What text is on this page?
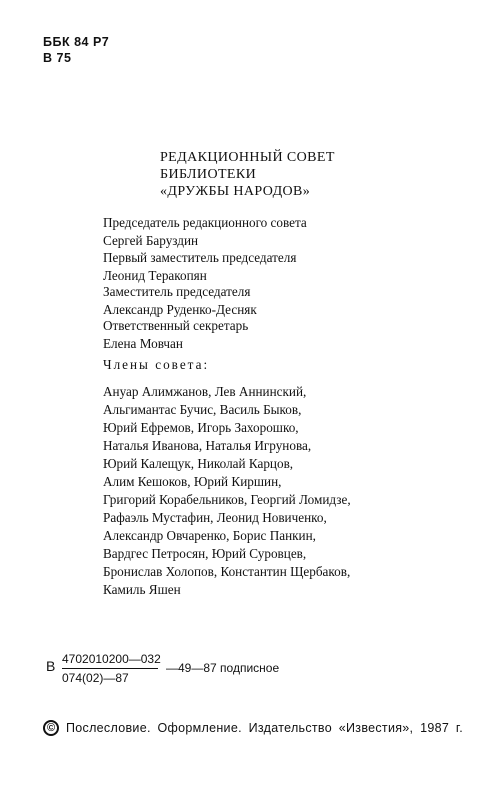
ББК 84 Р7
В 75
РЕДАКЦИОННЫЙ СОВЕТ
БИБЛИОТЕКИ
«ДРУЖБЫ НАРОДОВ»
Председатель редакционного совета
Сергей Баруздин
Первый заместитель председателя
Леонид Теракопян
Заместитель председателя
Александр Руденко-Десняк
Ответственный секретарь
Елена Мовчан
Члены совета:
Ануар Алимжанов, Лев Аннинский,
Альгимантас Бучис, Василь Быков,
Юрий Ефремов, Игорь Захорошко,
Наталья Иванова, Наталья Игрунова,
Юрий Калещук, Николай Карцов,
Алим Кешоков, Юрий Киршин,
Григорий Корабельников, Георгий Ломидзе,
Рафаэль Мустафин, Леонид Новиченко,
Александр Овчаренко, Борис Панкин,
Вардгес Петросян, Юрий Суровцев,
Бронислав Холопов, Константин Щербаков,
Камиль Яшен
В 4702010200—032
074(02)—87
—49—87 подписное
© Послесловие. Оформление. Издательство «Известия», 1987 г.
